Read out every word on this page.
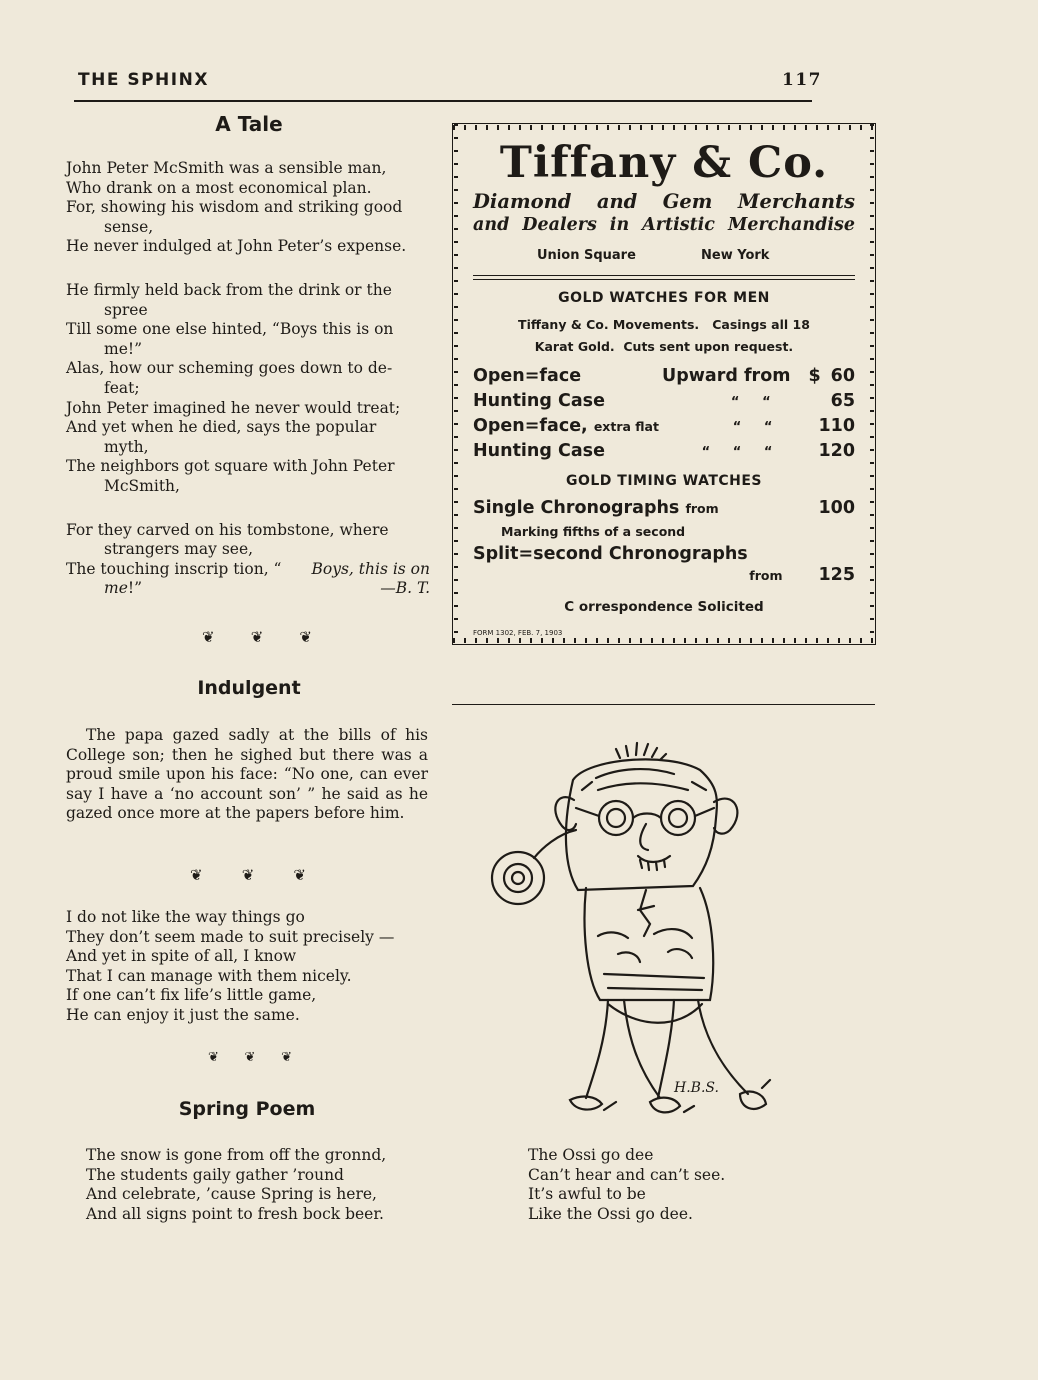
THE SPHINX	117
A Tale

John Peter McSmith was a sensible man,

Who drank on a most economical plan.

For, showing his wisdom and striking good

sense,

He never indulged at John Peter’s expense.

He firmly held back from the drink or the

spree

Till some one else hinted, “Boys this is on

me!”

Alas, how our scheming goes down to de-

feat;

John Peter imagined he never would treat;

And yet when he died, says the popular

myth,

The neighbors got square with John Peter

McSmith,

For they carved on his tombstone, where

strangers may see,

The touching inscrip tion, “	Boys, this is on

me!”	—B. T.

❦ ❦ ❦
Indulgent
The papa gazed sadly at the bills of his College son; then he sighed but there was a proud smile upon his face: “No one, can ever say I have a ‘no account son’ ” he said as he gazed once more at the papers before him.
❦	❦	❦

I do not like the way things go

They don’t seem made to suit precisely —

And yet in spite of all, I know

That I can manage with them nicely.

If one can’t fix life’s little game,

He can enjoy it just the same.

❦ ❦ ❦
Spring Poem

The snow is gone from off the gronnd,

The students gaily gather ’round

And celebrate, ’cause Spring is here,

And all signs point to fresh bock beer.

The Ossi go dee

Can’t hear and can’t see.

It’s awful to be

Like the Ossi go dee.

Tiffany & Co.
Diamond and Gem Merchants
and Dealers in Artistic Merchandise
Union Square	New York
GOLD WATCHES FOR MEN
Tiffany & Co. Movements.   Casings all 18
Karat Gold.  Cuts sent upon request.
Open=face	Upward from $ 60
Hunting Case	“     “	65
Open=face, extra flat	“     “	110
Hunting Case	“     “     “	120
GOLD TIMING WATCHES
Single Chronographs from	100
Marking fifths of a second
Split=second Chronographs
from 125
C orrespondence Solicited
FORM 1302, FEB. 7, 1903
H.B.S.
